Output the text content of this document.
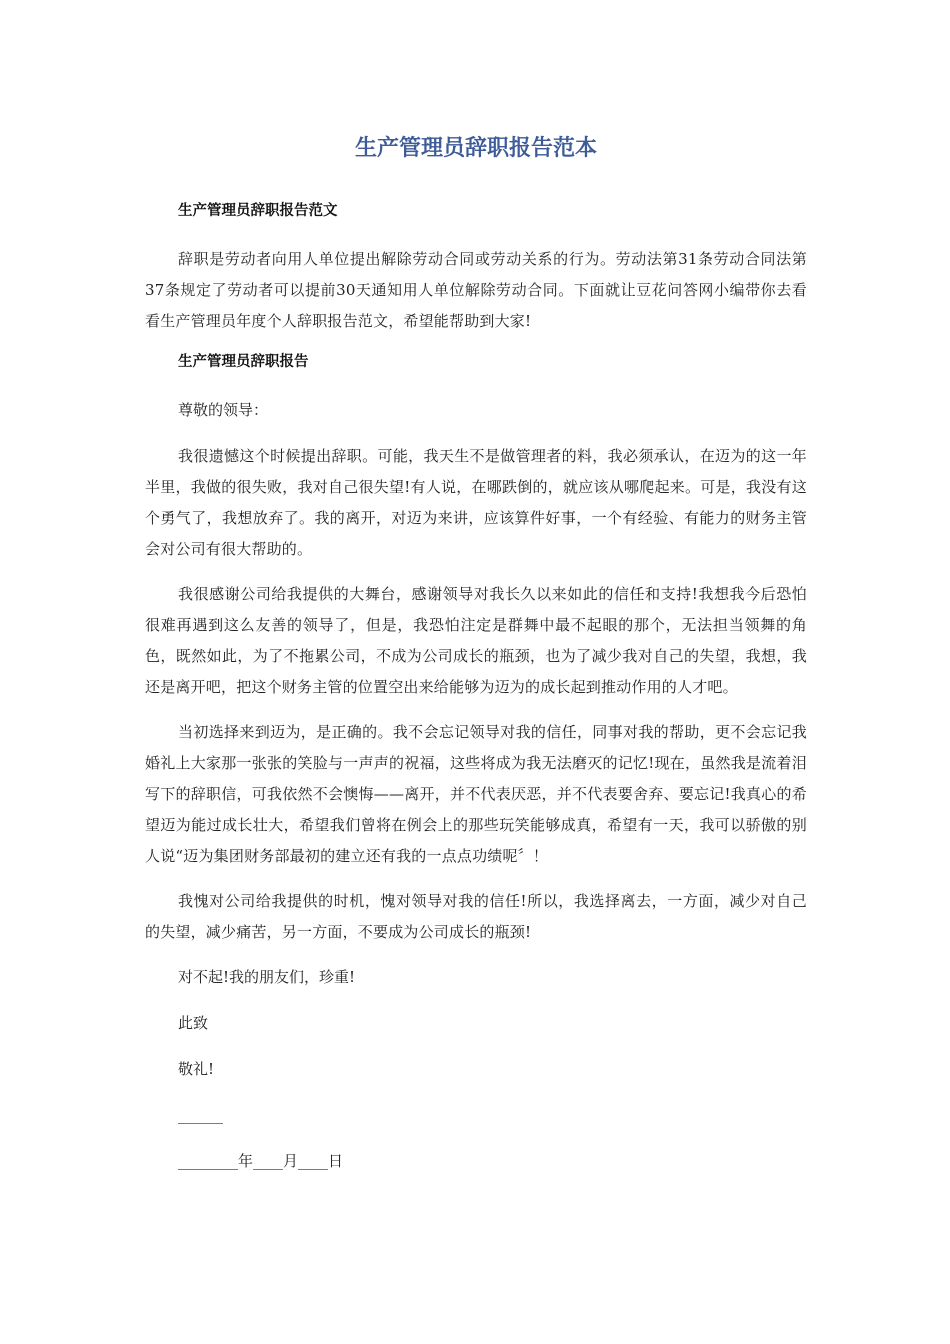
生产管理员辞职报告范本
生产管理员辞职报告范文

辞职是劳动者向用人单位提出解除劳动合同或劳动关系的行为。劳动法第31条劳动合同法第37条规定了劳动者可以提前30天通知用人单位解除劳动合同。下面就让豆花问答网小编带你去看看生产管理员年度个人辞职报告范文，希望能帮助到大家!

生产管理员辞职报告

尊敬的领导：

我很遗憾这个时候提出辞职。可能，我天生不是做管理者的料，我必须承认，在迈为的这一年半里，我做的很失败，我对自己很失望!有人说，在哪跌倒的，就应该从哪爬起来。可是，我没有这个勇气了，我想放弃了。我的离开，对迈为来讲，应该算件好事，一个有经验、有能力的财务主管会对公司有很大帮助的。

我很感谢公司给我提供的大舞台，感谢领导对我长久以来如此的信任和支持!我想我今后恐怕很难再遇到这么友善的领导了，但是，我恐怕注定是群舞中最不起眼的那个，无法担当领舞的角色，既然如此，为了不拖累公司，不成为公司成长的瓶颈，也为了减少我对自己的失望，我想，我还是离开吧，把这个财务主管的位置空出来给能够为迈为的成长起到推动作用的人才吧。

当初选择来到迈为，是正确的。我不会忘记领导对我的信任，同事对我的帮助，更不会忘记我婚礼上大家那一张张的笑脸与一声声的祝福，这些将成为我无法磨灭的记忆!现在，虽然我是流着泪写下的辞职信，可我依然不会懊悔——离开，并不代表厌恶，并不代表要舍弃、要忘记!我真心的希望迈为能过成长壮大，希望我们曾将在例会上的那些玩笑能够成真，希望有一天，我可以骄傲的别人说“迈为集团财务部最初的建立还有我的一点点功绩呢〞！

我愧对公司给我提供的时机，愧对领导对我的信任!所以，我选择离去，一方面，减少对自己的失望，减少痛苦，另一方面，不要成为公司成长的瓶颈!

对不起!我的朋友们，珍重!

此致

敬礼!

______

________年____月____日
